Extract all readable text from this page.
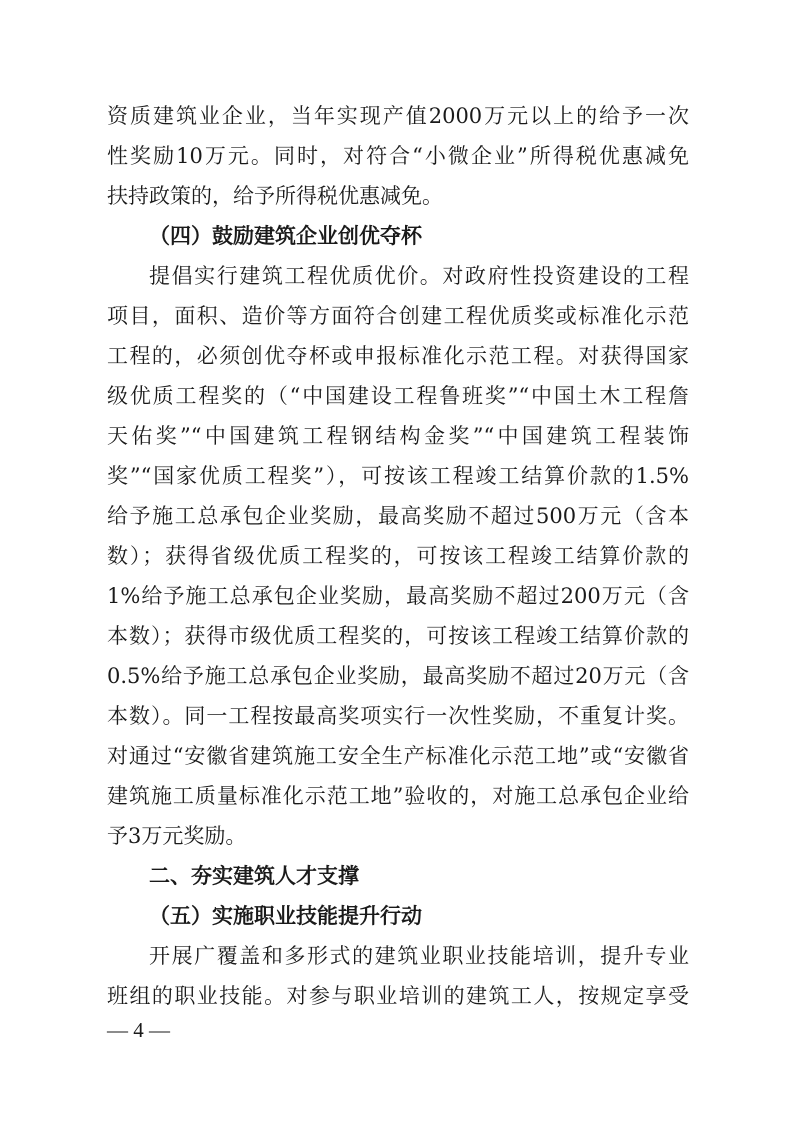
资质建筑业企业，当年实现产值2000万元以上的给予一次
性奖励10万元。同时，对符合“小微企业”所得税优惠减免
扶持政策的，给予所得税优惠减免。
（四）鼓励建筑企业创优夺杯
提倡实行建筑工程优质优价。对政府性投资建设的工程
项目，面积、造价等方面符合创建工程优质奖或标准化示范
工程的，必须创优夺杯或申报标准化示范工程。对获得国家
级优质工程奖的（“中国建设工程鲁班奖”“中国土木工程詹
天佑奖”“中国建筑工程钢结构金奖”“中国建筑工程装饰
奖”“国家优质工程奖”），可按该工程竣工结算价款的1.5%
给予施工总承包企业奖励，最高奖励不超过500万元（含本
数）；获得省级优质工程奖的，可按该工程竣工结算价款的
1%给予施工总承包企业奖励，最高奖励不超过200万元（含
本数）；获得市级优质工程奖的，可按该工程竣工结算价款的
0.5%给予施工总承包企业奖励，最高奖励不超过20万元（含
本数）。同一工程按最高奖项实行一次性奖励，不重复计奖。
对通过“安徽省建筑施工安全生产标准化示范工地”或“安徽省
建筑施工质量标准化示范工地”验收的，对施工总承包企业给
予3万元奖励。
二、夯实建筑人才支撑
（五）实施职业技能提升行动
开展广覆盖和多形式的建筑业职业技能培训，提升专业
班组的职业技能。对参与职业培训的建筑工人，按规定享受
— 4 —
